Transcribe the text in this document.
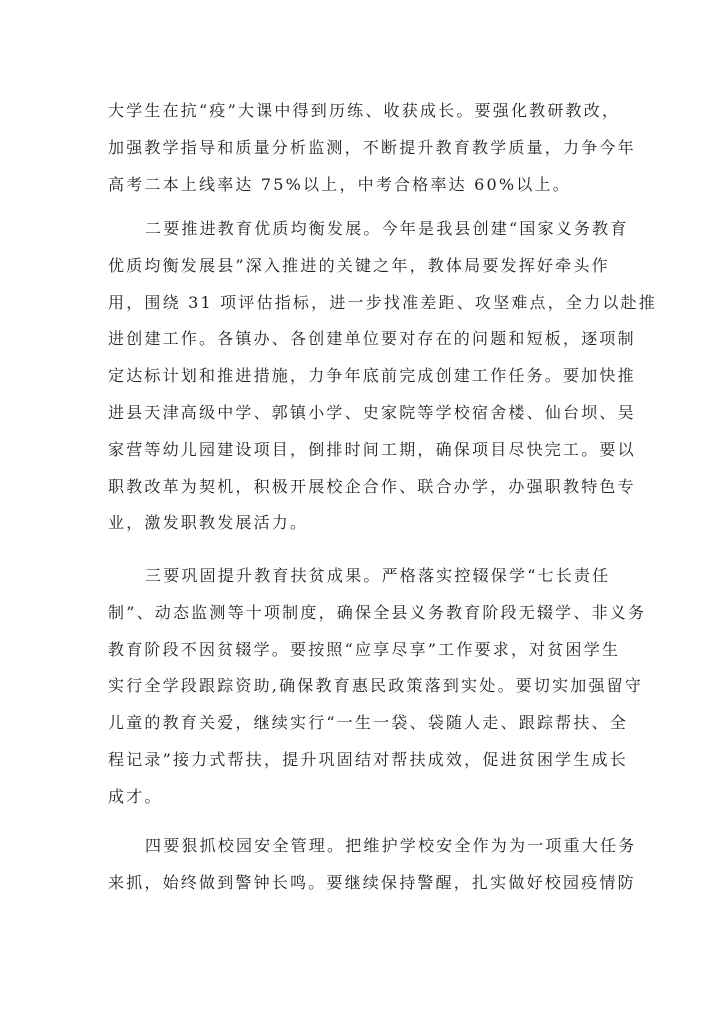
大学生在抗“疫”大课中得到历练、收获成长。要强化教研教改，
加强教学指导和质量分析监测，不断提升教育教学质量，力争今年
高考二本上线率达 75%以上，中考合格率达 60%以上。
二要推进教育优质均衡发展。今年是我县创建“国家义务教育
优质均衡发展县”深入推进的关键之年，教体局要发挥好牵头作
用，围绕 31 项评估指标，进一步找准差距、攻坚难点，全力以赴推
进创建工作。各镇办、各创建单位要对存在的问题和短板，逐项制
定达标计划和推进措施，力争年底前完成创建工作任务。要加快推
进县天津高级中学、郭镇小学、史家院等学校宿舍楼、仙台坝、吴
家营等幼儿园建设项目，倒排时间工期，确保项目尽快完工。要以
职教改革为契机，积极开展校企合作、联合办学，办强职教特色专
业，激发职教发展活力。
三要巩固提升教育扶贫成果。严格落实控辍保学“七长责任
制”、动态监测等十项制度，确保全县义务教育阶段无辍学、非义务
教育阶段不因贫辍学。要按照“应享尽享”工作要求，对贫困学生
实行全学段跟踪资助,确保教育惠民政策落到实处。要切实加强留守
儿童的教育关爱，继续实行“一生一袋、袋随人走、跟踪帮扶、全
程记录”接力式帮扶，提升巩固结对帮扶成效，促进贫困学生成长
成才。
四要狠抓校园安全管理。把维护学校安全作为为一项重大任务
来抓，始终做到警钟长鸣。要继续保持警醒，扎实做好校园疫情防
